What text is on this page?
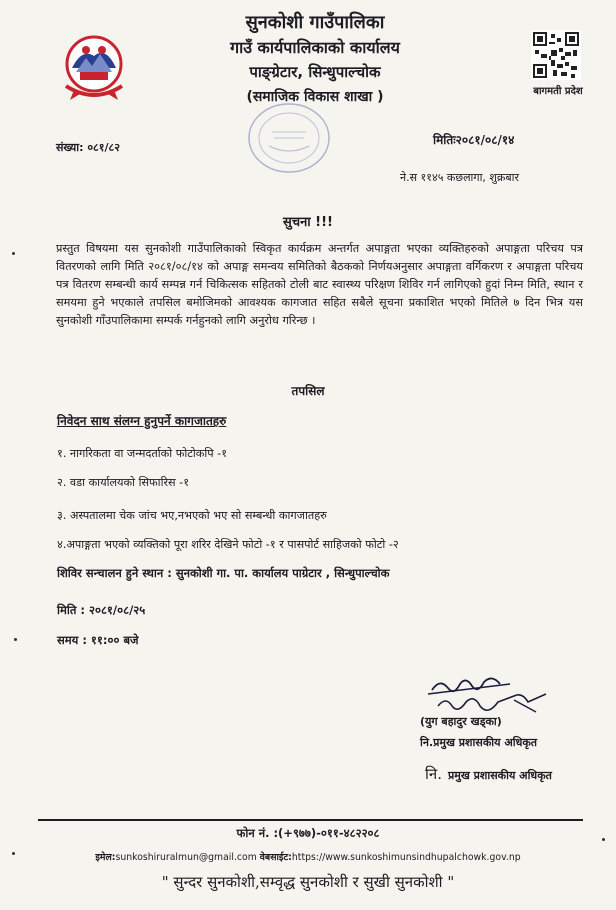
सुनकोशी गाउँपालिका
गाउँ कार्यपालिकाको कार्यालय
पाङ्ग्रेटार, सिन्धुपाल्चोक
(समाजिक विकास शाखा )	बागमती प्रदेश
संख्या: ०८१/८२
मितिः२०८१/०८/१४
ने.स ११४५ कछलागा, शुक्रबार
सुचना !!!
प्रस्तुत विषयमा यस सुनकोशी गाउँपालिकाको स्विकृत कार्यक्रम अन्तर्गत अपाङ्गता भएका व्यक्तिहरुको अपाङ्गता परिचय पत्र वितरणको लागि मिति २०८१/०८/१४ को अपाङ्ग समन्वय समितिको बैठकको निर्णयअनुसार अपाङ्गता वर्गिकरण र अपाङ्गता परिचय पत्र वितरण सम्बन्धी कार्य सम्पन्न गर्न चिकित्सक सहितको टोली बाट स्वास्थ्य परिक्षण शिविर गर्न लागिएको हुदां निम्न मिति, स्थान र समयमा हुने भएकाले तपसिल बमोजिमको आवश्यक कागजात सहित सबैले सूचना प्रकाशित भएको मितिले ७ दिन भित्र यस सुनकोशी गाँउपालिकामा सम्पर्क गर्नहुनको लागि अनुरोध गरिन्छ ।
तपसिल
निवेदन साथ संलग्न हुनुपर्ने कागजातहरु
१. नागरिकता वा जन्मदर्ताको फोटोकपि -१
२. वडा कार्यालयको सिफारिस -१
३. अस्पतालमा चेक जांच भए,नभएको भए सो सम्बन्धी कागजातहरु
४.अपाङ्गता भएको व्यक्तिको पूरा शरिर देखिने फोटो -१ र पासपोर्ट साहिजको फोटो -२
शिविर सन्चालन हुने स्थान : सुनकोशी गा. पा. कार्यालय पाग्रेटार , सिन्धुपाल्चोक
मिति : २०८१/०८/२५
समय : ११:०० बजे
(युग बहादुर खड्का)
नि.प्रमुख प्रशासकीय अधिकृत
नि. प्रमुख प्रशासकीय अधिकृत
फोन नं. :(+९७७)-०११-४८२२०८
इमेल:sunkoshiruralmun@gmail.com वेबसाईट:https://www.sunkoshimunsindhupalchowk.gov.np
" सुन्दर सुनकोशी,सम्वृद्ध सुनकोशी र सुखी सुनकोशी "
